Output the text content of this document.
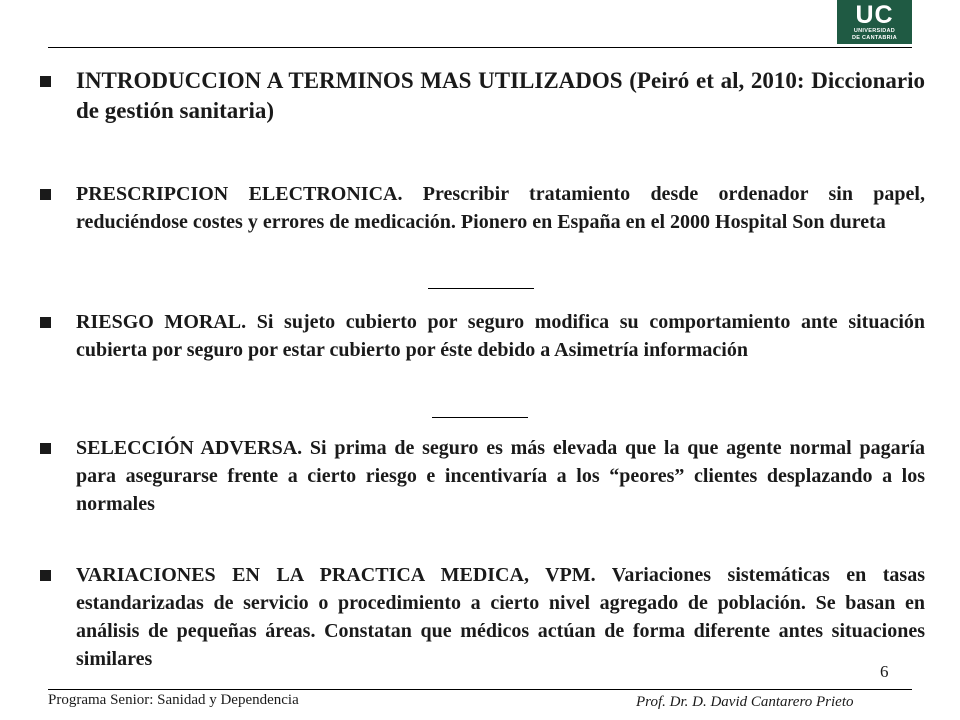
UC
UNIVERSIDAD
DE CANTABRIA
INTRODUCCION A TERMINOS MAS UTILIZADOS (Peiró et al, 2010: Diccionario de gestión sanitaria)
PRESCRIPCION ELECTRONICA. Prescribir tratamiento desde ordenador sin papel, reduciéndose costes y errores de medicación. Pionero en España en el 2000 Hospital Son dureta
RIESGO MORAL. Si sujeto cubierto por seguro modifica su comportamiento ante situación cubierta por seguro por estar cubierto por éste debido a Asimetría información
SELECCIÓN ADVERSA. Si prima de seguro es más elevada que la que agente normal pagaría para asegurarse frente a cierto riesgo e incentivaría a los “peores” clientes desplazando a los normales
VARIACIONES EN LA PRACTICA MEDICA, VPM. Variaciones sistemáticas en tasas estandarizadas de servicio o procedimiento a cierto nivel agregado de población. Se basan en análisis de pequeñas áreas. Constatan que médicos actúan de forma diferente antes situaciones similares
6
Programa Senior: Sanidad y Dependencia	Prof. Dr. D. David Cantarero Prieto
